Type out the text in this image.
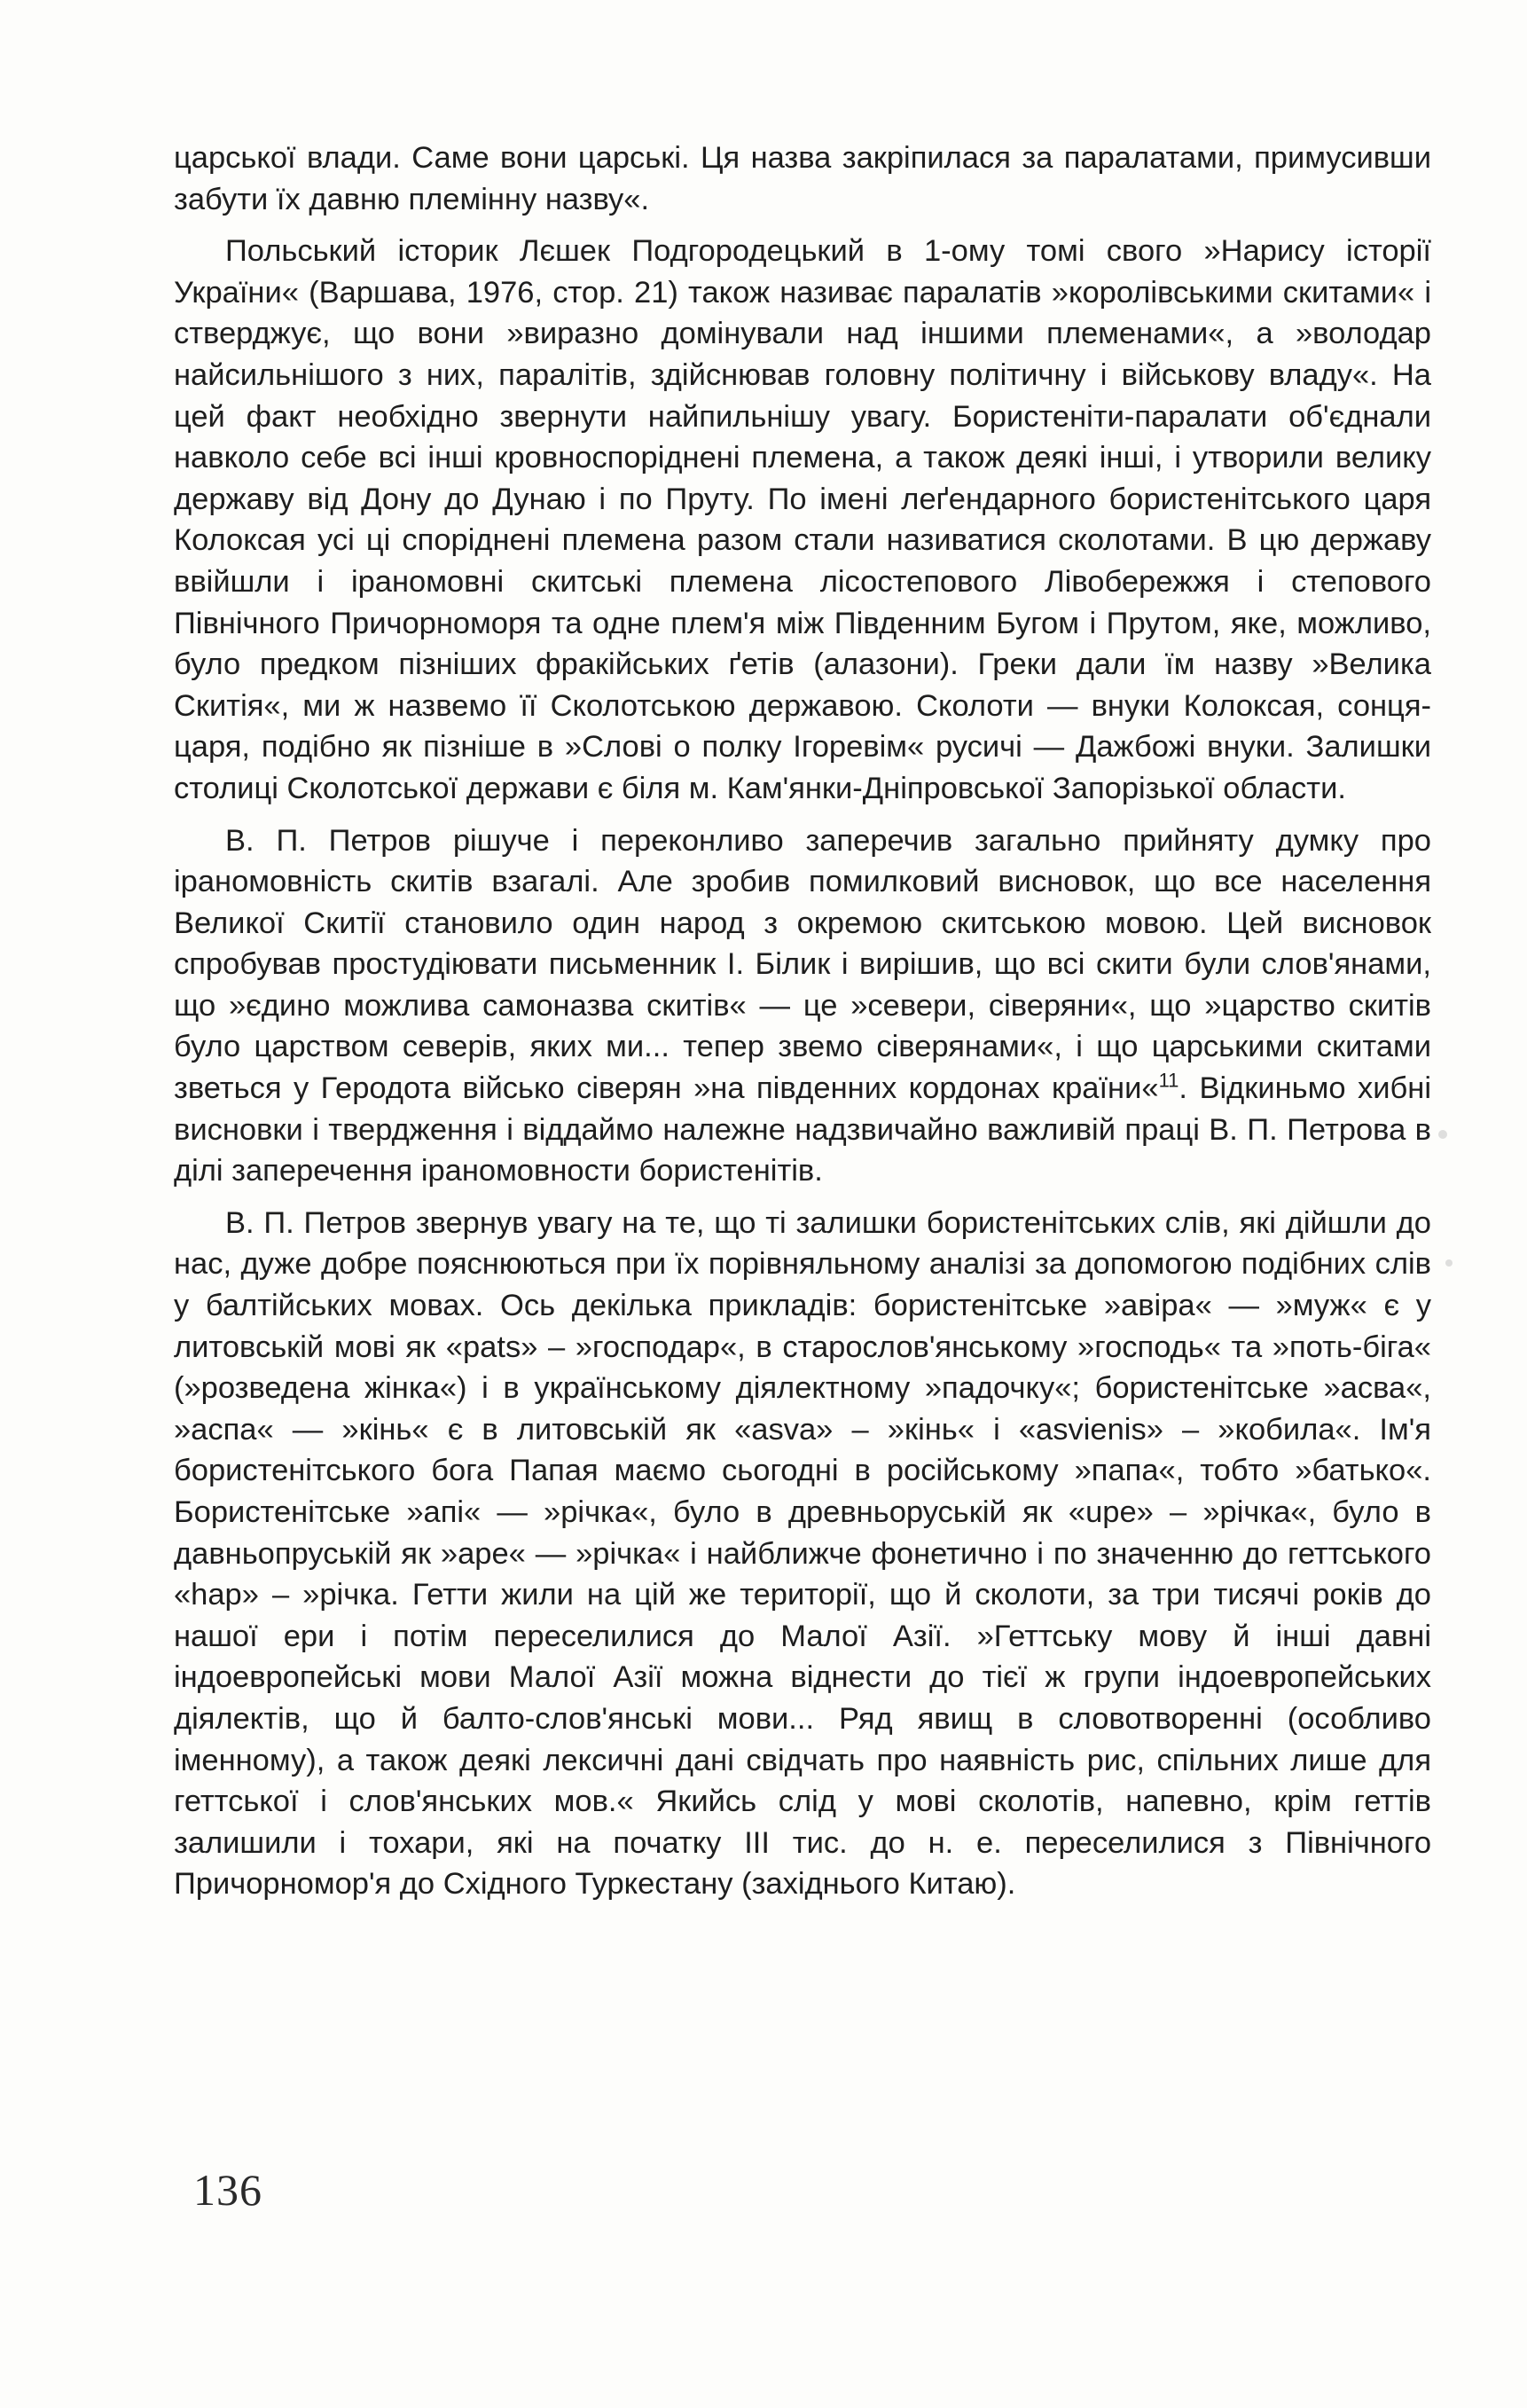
царської влади. Саме вони царські. Ця назва закріпилася за паралатами, примусивши забути їх давню племінну назву«.

Польський історик Лєшек Подгородецький в 1-ому томі свого »Нарису історії України« (Варшава, 1976, стор. 21) також називає паралатів »королівськими скитами« і стверджує, що вони »виразно домінували над іншими племенами«, а »володар найсильнішого з них, паралітів, здійснював головну політичну і військову владу«. На цей факт необхідно звернути найпильнішу увагу. Бористеніти-паралати об'єднали навколо себе всі інші кровноспоріднені племена, а також деякі інші, і утворили велику державу від Дону до Дунаю і по Пруту. По імені леґендарного бористенітського царя Колоксая усі ці споріднені племена разом стали називатися сколотами. В цю державу ввійшли і іраномовні скитські племена лісостепового Лівобережжя і степового Північного Причорноморя та одне плем'я між Південним Бугом і Прутом, яке, можливо, було предком пізніших фракійських ґетів (алазони). Греки дали їм назву »Велика Скитія«, ми ж назвемо її Сколотською державою. Сколоти — внуки Колоксая, сонця-царя, подібно як пізніше в »Слові о полку Ігоревім« русичі — Дажбожі внуки. Залишки столиці Сколотської держави є біля м. Кам'янки-Дніпровської Запорізької области.

В. П. Петров рішуче і переконливо заперечив загально прийняту думку про іраномовність скитів взагалі. Але зробив помилковий висновок, що все населення Великої Скитії становило один народ з окремою скитською мовою. Цей висновок спробував простудіювати письменник І. Білик і вирішив, що всі скити були слов'янами, що »єдино можлива самоназва скитів« — це »севери, сіверяни«, що »царство скитів було царством северів, яких ми... тепер звемо сіверянами«, і що царськими скитами зветься у Геродота військо сіверян »на південних кордонах країни«$^{11}$. Відкиньмо хибні висновки і твердження і віддаймо належне надзвичайно важливій праці В. П. Петрова в ділі заперечення іраномовности бористенітів.

В. П. Петров звернув увагу на те, що ті залишки бористенітських слів, які дійшли до нас, дуже добре пояснюються при їх порівняльному аналізі за допомогою подібних слів у балтійських мовах. Ось декілька прикладів: бористенітське »авіра« — »муж« є у литовській мові як «pats» – »господар«, в старослов'янському »господь« та »поть-біга« (»розведена жінка«) і в українському діялектному »падочку«; бористенітське »асва«, »аспа« — »кінь« є в литовській як «asva» – »кінь« і «asvienis» – »кобила«. Ім'я бористенітського бога Папая маємо сьогодні в російському »папа«, тобто »батько«. Бористенітське »апі« — »річка«, було в древньоруській як «upe» – »річка«, було в давньопруській як »аре« — »річка« і найближче фонетично і по значенню до геттського «hap» – »річка. Гетти жили на цій же території, що й сколоти, за три тисячі років до нашої ери і потім переселилися до Малої Азії. »Геттську мову й інші давні індоевропейські мови Малої Азії можна віднести до тієї ж групи індоевропейських діялектів, що й балто-слов'янські мови... Ряд явищ в словотворенні (особливо іменному), а також деякі лексичні дані свідчать про наявність рис, спільних лише для геттської і слов'янських мов.« Якийсь слід у мові сколотів, напевно, крім геттів залишили і тохари, які на початку III тис. до н. е. переселилися з Північного Причорномор'я до Східного Туркестану (західнього Китаю).

136
